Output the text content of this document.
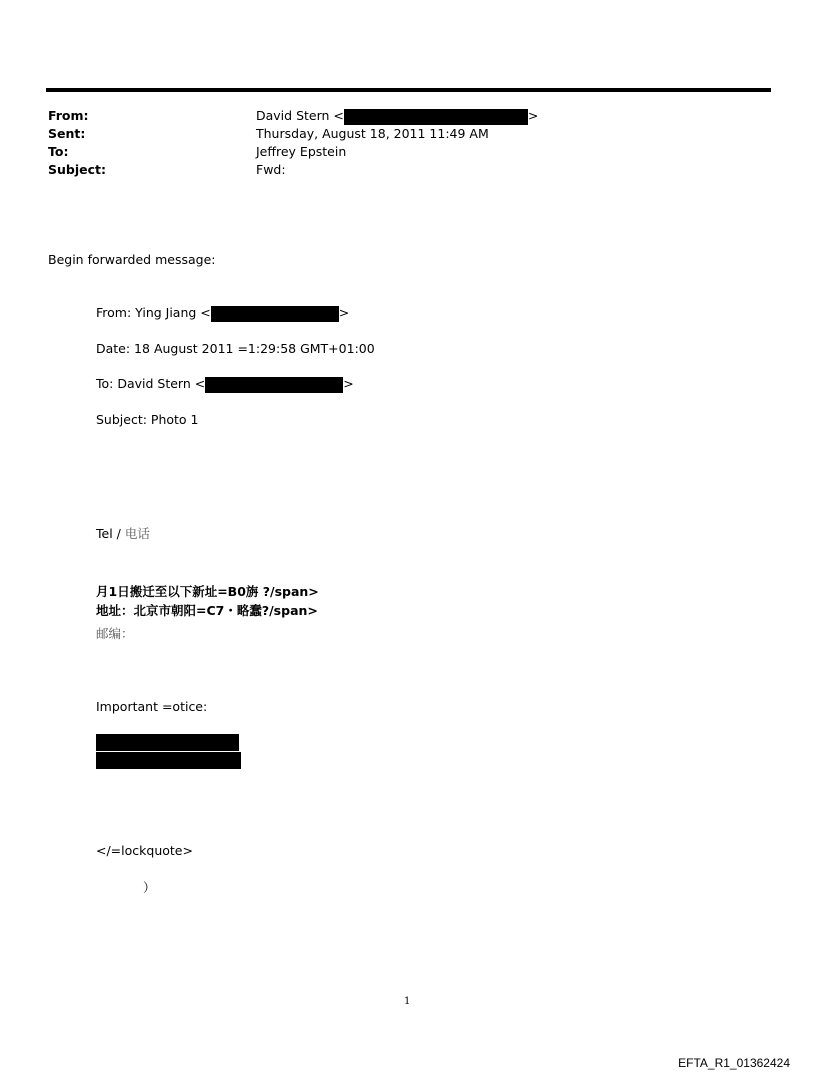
From:	David Stern <	>
Sent:	Thursday, August 18, 2011 11:49 AM
To:	Jeffrey Epstein
Subject:	Fwd:
Begin forwarded message:
From: Ying Jiang <	>
Date: 18 August 2011 =1:29:58 GMT+01:00
To: David Stern <	>
Subject: Photo 1
Tel / 电话
月1日搬迁至以下新址=B0旃 ?/span>
地址：北京市朝阳=C7・略蠢?/span>
邮编：
Important =otice:
</=lockquote>
）
1
EFTA_R1_01362424
